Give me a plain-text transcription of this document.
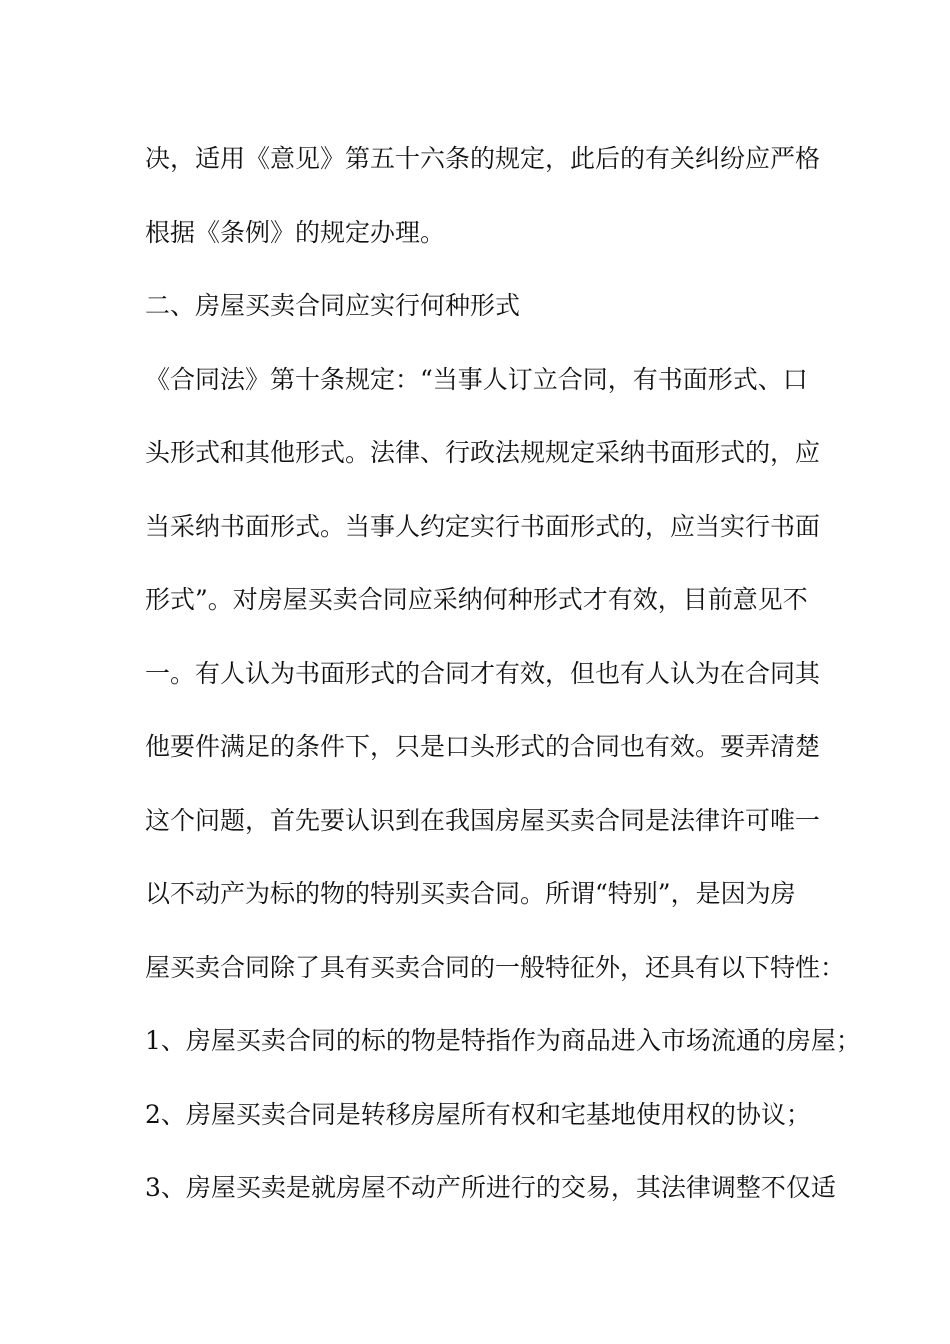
决，适用《意见》第五十六条的规定，此后的有关纠纷应严格
根据《条例》的规定办理。
二、房屋买卖合同应实行何种形式
《合同法》第十条规定：“当事人订立合同，有书面形式、口
头形式和其他形式。法律、行政法规规定采纳书面形式的，应
当采纳书面形式。当事人约定实行书面形式的，应当实行书面
形式”。对房屋买卖合同应采纳何种形式才有效，目前意见不
一。有人认为书面形式的合同才有效，但也有人认为在合同其
他要件满足的条件下，只是口头形式的合同也有效。要弄清楚
这个问题，首先要认识到在我国房屋买卖合同是法律许可唯一
以不动产为标的物的特别买卖合同。所谓“特别”，是因为房
屋买卖合同除了具有买卖合同的一般特征外，还具有以下特性：
1、房屋买卖合同的标的物是特指作为商品进入市场流通的房屋；
2、房屋买卖合同是转移房屋所有权和宅基地使用权的协议；
3、房屋买卖是就房屋不动产所进行的交易，其法律调整不仅适
